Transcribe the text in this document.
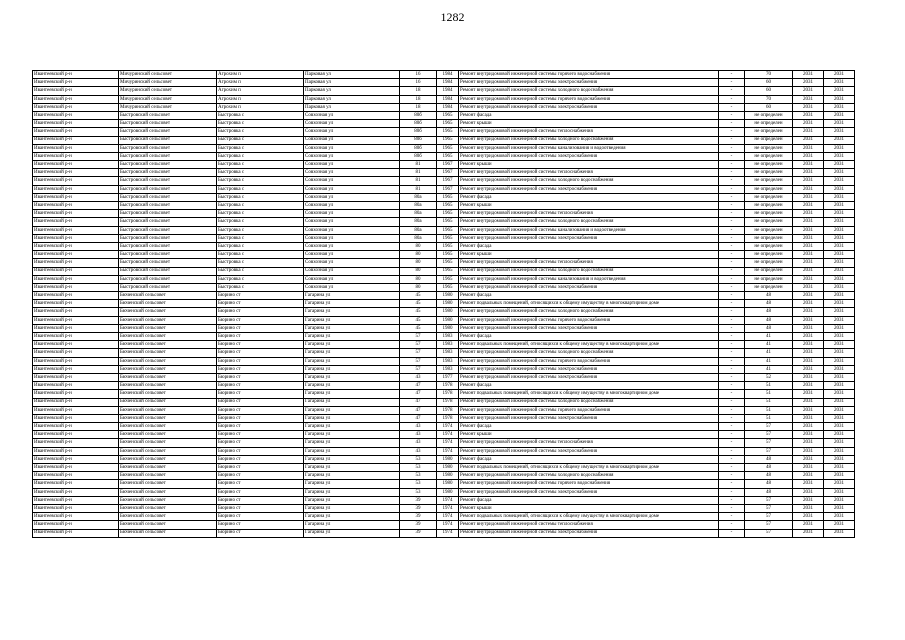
1282
Ивантеевский р-н	Мичуринский сельсовет	Агрохим п	Парковая ул	16	1984	Ремонт внутридомовой инженерной системы горячего водоснабжения	-	70	2031	2031
Ивантеевский р-н	Мичуринский сельсовет	Агрохим п	Парковая ул	16	1984	Ремонт внутридомовой инженерной системы электроснабжения	-	60	2031	2031
Ивантеевский р-н	Мичуринский сельсовет	Агрохим п	Парковая ул	18	1984	Ремонт внутридомовой инженерной системы холодного водоснабжения	-	60	2031	2031
Ивантеевский р-н	Мичуринский сельсовет	Агрохим п	Парковая ул	18	1984	Ремонт внутридомовой инженерной системы горячего водоснабжения	-	70	2031	2031
Ивантеевский р-н	Мичуринский сельсовет	Агрохим п	Парковая ул	18	1984	Ремонт внутридомовой инженерной системы электроснабжения	-	60	2031	2031
Ивантеевский р-н	Быстровский сельсовет	Быстровка с	Совхозная ул	80б	1965	Ремонт фасада	-	не определен	2031	2031
Ивантеевский р-н	Быстровский сельсовет	Быстровка с	Совхозная ул	80б	1965	Ремонт крыши	-	не определен	2031	2031
Ивантеевский р-н	Быстровский сельсовет	Быстровка с	Совхозная ул	80б	1965	Ремонт внутридомовой инженерной системы теплоснабжения	-	не определен	2031	2031
Ивантеевский р-н	Быстровский сельсовет	Быстровка с	Совхозная ул	80б	1965	Ремонт внутридомовой инженерной системы холодного водоснабжения	-	не определен	2031	2031
Ивантеевский р-н	Быстровский сельсовет	Быстровка с	Совхозная ул	80б	1965	Ремонт внутридомовой инженерной системы канализования и водоотведения	-	не определен	2031	2031
Ивантеевский р-н	Быстровский сельсовет	Быстровка с	Совхозная ул	80б	1965	Ремонт внутридомовой инженерной системы электроснабжения	-	не определен	2031	2031
Ивантеевский р-н	Быстровский сельсовет	Быстровка с	Совхозная ул	81	1967	Ремонт крыши	-	не определен	2031	2031
Ивантеевский р-н	Быстровский сельсовет	Быстровка с	Совхозная ул	81	1967	Ремонт внутридомовой инженерной системы теплоснабжения	-	не определен	2031	2031
Ивантеевский р-н	Быстровский сельсовет	Быстровка с	Совхозная ул	81	1967	Ремонт внутридомовой инженерной системы холодного водоснабжения	-	не определен	2031	2031
Ивантеевский р-н	Быстровский сельсовет	Быстровка с	Совхозная ул	81	1967	Ремонт внутридомовой инженерной системы электроснабжения	-	не определен	2031	2031
Ивантеевский р-н	Быстровский сельсовет	Быстровка с	Совхозная ул	80а	1965	Ремонт фасада	-	не определен	2031	2031
Ивантеевский р-н	Быстровский сельсовет	Быстровка с	Совхозная ул	80а	1965	Ремонт крыши	-	не определен	2031	2031
Ивантеевский р-н	Быстровский сельсовет	Быстровка с	Совхозная ул	80а	1965	Ремонт внутридомовой инженерной системы теплоснабжения	-	не определен	2031	2031
Ивантеевский р-н	Быстровский сельсовет	Быстровка с	Совхозная ул	80а	1965	Ремонт внутридомовой инженерной системы холодного водоснабжения	-	не определен	2031	2031
Ивантеевский р-н	Быстровский сельсовет	Быстровка с	Совхозная ул	80а	1965	Ремонт внутридомовой инженерной системы канализования и водоотведения	-	не определен	2031	2031
Ивантеевский р-н	Быстровский сельсовет	Быстровка с	Совхозная ул	80а	1965	Ремонт внутридомовой инженерной системы электроснабжения	-	не определен	2031	2031
Ивантеевский р-н	Быстровский сельсовет	Быстровка с	Совхозная ул	80	1965	Ремонт фасада	-	не определен	2031	2031
Ивантеевский р-н	Быстровский сельсовет	Быстровка с	Совхозная ул	80	1965	Ремонт крыши	-	не определен	2031	2031
Ивантеевский р-н	Быстровский сельсовет	Быстровка с	Совхозная ул	80	1965	Ремонт внутридомовой инженерной системы теплоснабжения	-	не определен	2031	2031
Ивантеевский р-н	Быстровский сельсовет	Быстровка с	Совхозная ул	80	1965	Ремонт внутридомовой инженерной системы холодного водоснабжения	-	не определен	2031	2031
Ивантеевский р-н	Быстровский сельсовет	Быстровка с	Совхозная ул	80	1965	Ремонт внутридомовой инженерной системы канализования и водоотведения	-	не определен	2031	2031
Ивантеевский р-н	Быстровский сельсовет	Быстровка с	Совхозная ул	80	1965	Ремонт внутридомовой инженерной системы электроснабжения	-	не определен	2031	2031
Ивантеевский р-н	Бюченский сельсовет	Бюрино ст	Гагарина ул	45	1980	Ремонт фасада	-	48	2031	2031
Ивантеевский р-н	Бюченский сельсовет	Бюрино ст	Гагарина ул	45	1980	Ремонт подвальных помещений, относящихся к общему имуществу в многоквартирном доме	-	48	2031	2031
Ивантеевский р-н	Бюченский сельсовет	Бюрино ст	Гагарина ул	45	1980	Ремонт внутридомовой инженерной системы холодного водоснабжения	-	48	2031	2031
Ивантеевский р-н	Бюченский сельсовет	Бюрино ст	Гагарина ул	45	1980	Ремонт внутридомовой инженерной системы горячего водоснабжения	-	48	2031	2031
Ивантеевский р-н	Бюченский сельсовет	Бюрино ст	Гагарина ул	45	1980	Ремонт внутридомовой инженерной системы электроснабжения	-	48	2031	2031
Ивантеевский р-н	Бюченский сельсовет	Бюрино ст	Гагарина ул	57	1983	Ремонт фасада	-	41	2031	2031
Ивантеевский р-н	Бюченский сельсовет	Бюрино ст	Гагарина ул	57	1983	Ремонт подвальных помещений, относящихся к общему имуществу в многоквартирном доме	-	41	2031	2031
Ивантеевский р-н	Бюченский сельсовет	Бюрино ст	Гагарина ул	57	1983	Ремонт внутридомовой инженерной системы холодного водоснабжения	-	41	2031	2031
Ивантеевский р-н	Бюченский сельсовет	Бюрино ст	Гагарина ул	57	1983	Ремонт внутридомовой инженерной системы горячего водоснабжения	-	41	2031	2031
Ивантеевский р-н	Бюченский сельсовет	Бюрино ст	Гагарина ул	57	1983	Ремонт внутридомовой инженерной системы электроснабжения	-	41	2031	2031
Ивантеевский р-н	Бюченский сельсовет	Бюрино ст	Гагарина ул	43	1977	Ремонт внутридомовой инженерной системы электроснабжения	-	52	2031	2031
Ивантеевский р-н	Бюченский сельсовет	Бюрино ст	Гагарина ул	47	1978	Ремонт фасада	-	51	2031	2031
Ивантеевский р-н	Бюченский сельсовет	Бюрино ст	Гагарина ул	47	1978	Ремонт подвальных помещений, относящихся к общему имуществу в многоквартирном доме	-	51	2031	2031
Ивантеевский р-н	Бюченский сельсовет	Бюрино ст	Гагарина ул	47	1978	Ремонт внутридомовой инженерной системы холодного водоснабжения	-	51	2031	2031
Ивантеевский р-н	Бюченский сельсовет	Бюрино ст	Гагарина ул	47	1978	Ремонт внутридомовой инженерной системы горячего водоснабжения	-	51	2031	2031
Ивантеевский р-н	Бюченский сельсовет	Бюрино ст	Гагарина ул	47	1978	Ремонт внутридомовой инженерной системы электроснабжения	-	51	2031	2031
Ивантеевский р-н	Бюченский сельсовет	Бюрино ст	Гагарина ул	43	1974	Ремонт фасада	-	57	2031	2031
Ивантеевский р-н	Бюченский сельсовет	Бюрино ст	Гагарина ул	43	1974	Ремонт крыши	-	57	2031	2031
Ивантеевский р-н	Бюченский сельсовет	Бюрино ст	Гагарина ул	43	1974	Ремонт внутридомовой инженерной системы теплоснабжения	-	57	2031	2031
Ивантеевский р-н	Бюченский сельсовет	Бюрино ст	Гагарина ул	43	1974	Ремонт внутридомовой инженерной системы электроснабжения	-	57	2031	2031
Ивантеевский р-н	Бюченский сельсовет	Бюрино ст	Гагарина ул	53	1980	Ремонт фасада	-	48	2031	2031
Ивантеевский р-н	Бюченский сельсовет	Бюрино ст	Гагарина ул	53	1980	Ремонт подвальных помещений, относящихся к общему имуществу в многоквартирном доме	-	48	2031	2031
Ивантеевский р-н	Бюченский сельсовет	Бюрино ст	Гагарина ул	53	1980	Ремонт внутридомовой инженерной системы холодного водоснабжения	-	48	2031	2031
Ивантеевский р-н	Бюченский сельсовет	Бюрино ст	Гагарина ул	53	1980	Ремонт внутридомовой инженерной системы горячего водоснабжения	-	48	2031	2031
Ивантеевский р-н	Бюченский сельсовет	Бюрино ст	Гагарина ул	53	1980	Ремонт внутридомовой инженерной системы электроснабжения	-	48	2031	2031
Ивантеевский р-н	Бюченский сельсовет	Бюрино ст	Гагарина ул	39	1974	Ремонт фасада	-	57	2031	2031
Ивантеевский р-н	Бюченский сельсовет	Бюрино ст	Гагарина ул	39	1974	Ремонт крыши	-	57	2031	2031
Ивантеевский р-н	Бюченский сельсовет	Бюрино ст	Гагарина ул	39	1974	Ремонт подвальных помещений, относящихся к общему имуществу в многоквартирном доме	-	57	2031	2031
Ивантеевский р-н	Бюченский сельсовет	Бюрино ст	Гагарина ул	39	1974	Ремонт внутридомовой инженерной системы теплоснабжения	-	57	2031	2031
Ивантеевский р-н	Бюченский сельсовет	Бюрино ст	Гагарина ул	39	1974	Ремонт внутридомовой инженерной системы электроснабжения	-	57	2031	2031
